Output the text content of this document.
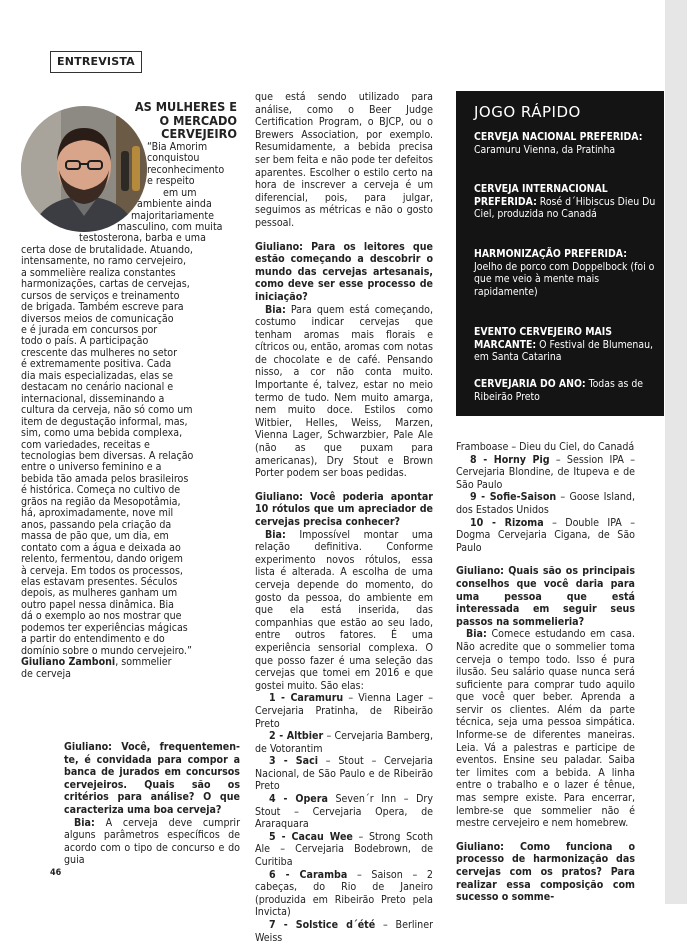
ENTREVISTA
AS MULHERES E
O MERCADO
CERVEJEIRO
“Bia Amorim
conquistou
reconhecimento
e respeito
em um
ambiente ainda
majoritariamente
masculino, com muita
testosterona, barba e uma
certa dose de brutalidade. Atuando,
intensamente, no ramo cervejeiro,
a sommelière realiza constantes
harmonizações, cartas de cervejas,
cursos de serviços e treinamento
de brigada. Também escreve para
diversos meios de comunicação
e é jurada em concursos por
todo o país. A participação
crescente das mulheres no setor
é extremamente positiva. Cada
dia mais especializadas, elas se
destacam no cenário nacional e
internacional, disseminando a
cultura da cerveja, não só como um
item de degustação informal, mas,
sim, como uma bebida complexa,
com variedades, receitas e
tecnologias bem diversas. A relação
entre o universo feminino e a
bebida tão amada pelos brasileiros
é histórica. Começa no cultivo de
grãos na região da Mesopotâmia,
há, aproximadamente, nove mil
anos, passando pela criação da
massa de pão que, um dia, em
contato com a água e deixada ao
relento, fermentou, dando origem
à cerveja. Em todos os processos,
elas estavam presentes. Séculos
depois, as mulheres ganham um
outro papel nessa dinâmica. Bia
dá o exemplo ao nos mostrar que
podemos ter experiências mágicas
a partir do entendimento e do
domínio sobre o mundo cervejeiro.”
Giuliano Zamboni, sommelier
de cerveja

Giuliano: Você, frequentemen-te, é convidada para compor a banca de jurados em concursos cervejeiros. Quais são os critérios para análise? O que caracteriza uma boa cerveja?

Bia: A cerveja deve cumprir alguns parâmetros específicos de acordo com o tipo de concurso e do guia

que está sendo utilizado para análise, como o Beer Judge Certification Program, o BJCP, ou o Brewers Association, por exemplo. Resumidamente, a bebida precisa ser bem feita e não pode ter defeitos aparentes. Escolher o estilo certo na hora de inscrever a cerveja é um diferencial, pois, para julgar, seguimos as métricas e não o gosto pessoal.

Giuliano: Para os leitores que estão começando a descobrir o mundo das cervejas artesanais, como deve ser esse processo de iniciação?

Bia: Para quem está começando, costumo indicar cervejas que tenham aromas mais florais e cítricos ou, então, aromas com notas de chocolate e de café. Pensando nisso, a cor não conta muito. Importante é, talvez, estar no meio termo de tudo. Nem muito amarga, nem muito doce. Estilos como Witbier, Helles, Weiss, Marzen, Vienna Lager, Schwarzbier, Pale Ale (não as que puxam para americanas), Dry Stout e Brown Porter podem ser boas pedidas.

Giuliano: Você poderia apontar 10 rótulos que um apreciador de cervejas precisa conhecer?

Bia: Impossível montar uma relação definitiva. Conforme experimento novos rótulos, essa lista é alterada. A escolha de uma cerveja depende do momento, do gosto da pessoa, do ambiente em que ela está inserida, das companhias que estão ao seu lado, entre outros fatores. É uma experiência sensorial complexa. O que posso fazer é uma seleção das cervejas que tomei em 2016 e que gostei muito. São elas:

1 - Caramuru – Vienna Lager – Cervejaria Pratinha, de Ribeirão Preto

2 - Altbier – Cervejaria Bamberg, de Votorantim

3 - Saci – Stout – Cervejaria Nacional, de São Paulo e de Ribeirão Preto

4 - Opera Seven´r Inn – Dry Stout – Cervejaria Opera, de Araraquara

5 - Cacau Wee – Strong Scoth Ale – Cervejaria Bodebrown, de Curitiba

6 - Caramba – Saison – 2 cabeças, do Rio de Janeiro (produzida em Ribeirão Preto pela Invicta)

7 - Solstice d´été – Berliner Weiss

JOGO RÁPIDO
CERVEJA NACIONAL PREFERIDA: Caramuru Vienna, da Pratinha
CERVEJA INTERNACIONAL PREFERIDA: Rosé d´Hibiscus Dieu Du Ciel, produzida no Canadá
HARMONIZAÇÃO PREFERIDA: Joelho de porco com Doppelbock (foi o que me veio à mente mais rapidamente)
EVENTO CERVEJEIRO MAIS MARCANTE: O Festival de Blumenau, em Santa Catarina
CERVEJARIA DO ANO: Todas as de Ribeirão Preto

Framboase – Dieu du Ciel, do Canadá

8 - Horny Pig – Session IPA – Cervejaria Blondine, de Itupeva e de São Paulo

9 - Sofie-Saison – Goose Island, dos Estados Unidos

10 - Rizoma – Double IPA – Dogma Cervejaria Cigana, de São Paulo

Giuliano: Quais são os principais conselhos que você daria para uma pessoa que está interessada em seguir seus passos na sommelieria?

Bia: Comece estudando em casa. Não acredite que o sommelier toma cerveja o tempo todo. Isso é pura ilusão. Seu salário quase nunca será suficiente para comprar tudo aquilo que você quer beber. Aprenda a servir os clientes. Além da parte técnica, seja uma pessoa simpática. Informe-se de diferentes maneiras. Leia. Vá a palestras e participe de eventos. Ensine seu paladar. Saiba ter limites com a bebida. A linha entre o trabalho e o lazer é tênue, mas sempre existe. Para encerrar, lembre-se que sommelier não é mestre cervejeiro e nem homebrew.

Giuliano: Como funciona o processo de harmonização das cervejas com os pratos? Para realizar essa composição com sucesso o somme-

46
